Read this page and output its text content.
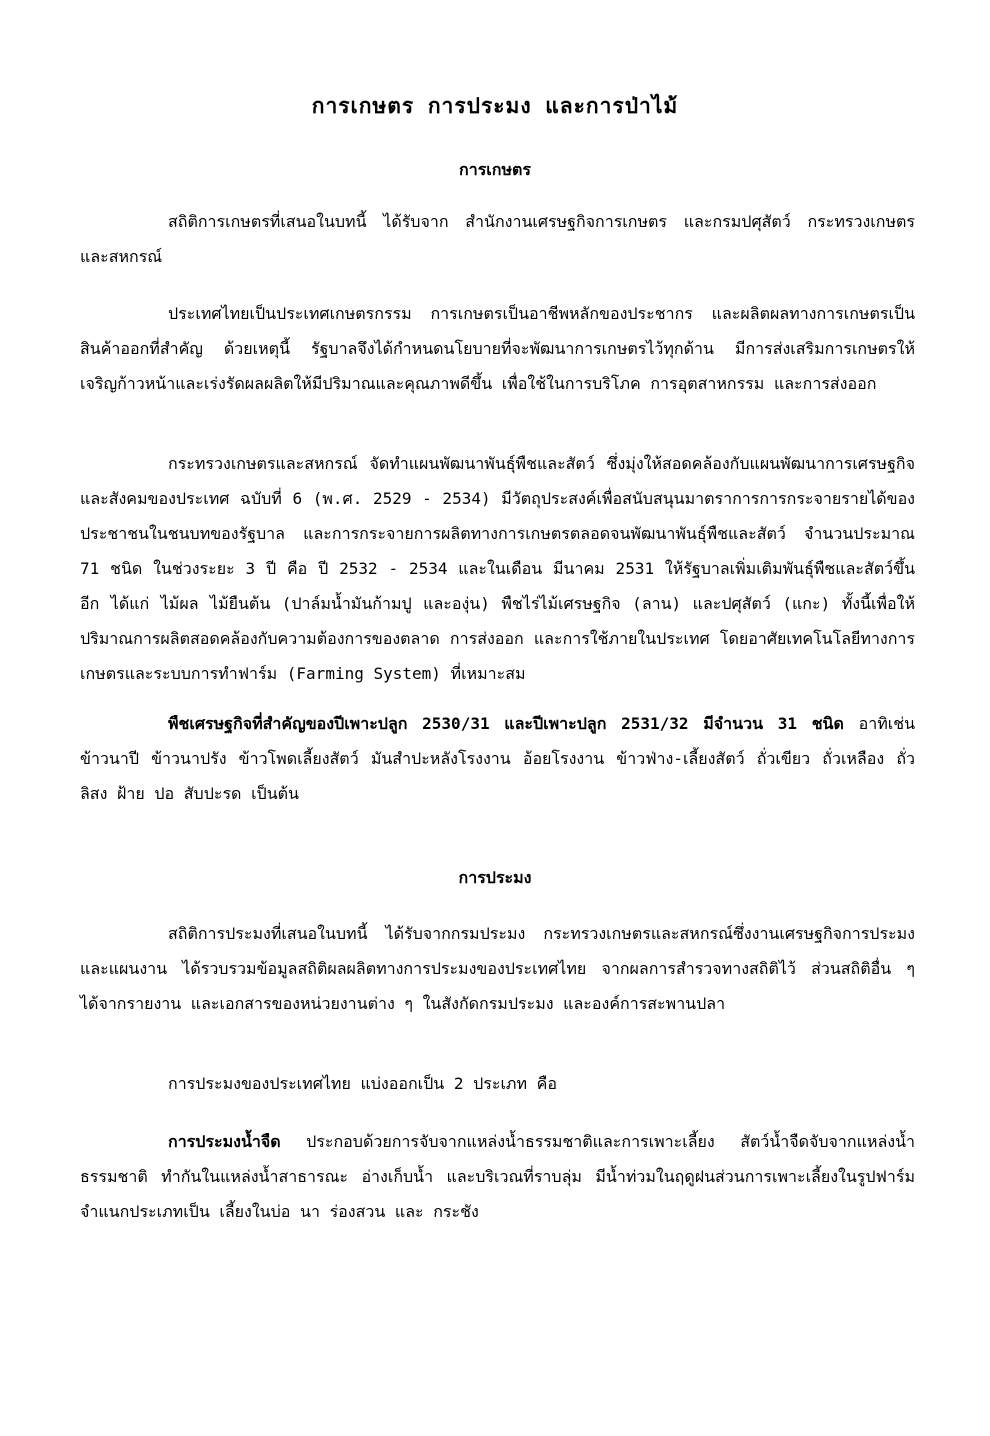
การเกษตร การประมง และการป่าไม้
การเกษตร

สถิติการเกษตรที่เสนอในบทนี้ ได้รับจาก สำนักงานเศรษฐกิจการเกษตร และกรมปศุสัตว์ กระทรวงเกษตรและสหกรณ์

ประเทศไทยเป็นประเทศเกษตรกรรม การเกษตรเป็นอาชีพหลักของประชากร และผลิตผลทางการเกษตรเป็นสินค้าออกที่สำคัญ ด้วยเหตุนี้ รัฐบาลจึงได้กำหนดนโยบายที่จะพัฒนาการเกษตรไว้ทุกด้าน มีการส่งเสริมการเกษตรให้เจริญก้าวหน้าและเร่งรัดผลผลิตให้มีปริมาณและคุณภาพดีขึ้น เพื่อใช้ในการบริโภค การอุตสาหกรรม และการส่งออก

กระทรวงเกษตรและสหกรณ์ จัดทำแผนพัฒนาพันธุ์พืชและสัตว์ ซึ่งมุ่งให้สอดคล้องกับแผนพัฒนาการเศรษฐกิจและสังคมของประเทศ ฉบับที่ 6 (พ.ศ. 2529 - 2534) มีวัตถุประสงค์เพื่อสนับสนุนมาตราการการกระจายรายได้ของประชาชนในชนบทของรัฐบาล และการกระจายการผลิตทางการเกษตรตลอดจนพัฒนาพันธุ์พืชและสัตว์ จำนวนประมาณ 71 ชนิด ในช่วงระยะ 3 ปี คือ ปี 2532 - 2534 และในเดือน มีนาคม 2531 ให้รัฐบาลเพิ่มเติมพันธุ์พืชและสัตว์ขึ้นอีก ได้แก่ ไม้ผล ไม้ยืนต้น (ปาล์มน้ำมันก้ามปู และองุ่น) พืชไร่ไม้เศรษฐกิจ (ลาน) และปศุสัตว์ (แกะ) ทั้งนี้เพื่อให้ปริมาณการผลิตสอดคล้องกับความต้องการของตลาด การส่งออก และการใช้ภายในประเทศ โดยอาศัยเทคโนโลยีทางการเกษตรและระบบการทำฟาร์ม (Farming System) ที่เหมาะสม

พืชเศรษฐกิจที่สำคัญของปีเพาะปลูก 2530/31 และปีเพาะปลูก 2531/32 มีจำนวน 31 ชนิด อาทิเช่น ข้าวนาปี ข้าวนาปรัง ข้าวโพดเลี้ยงสัตว์ มันสำปะหลังโรงงาน อ้อยโรงงาน ข้าวฟ่าง-เลี้ยงสัตว์ ถั่วเขียว ถั่วเหลือง ถั่วลิสง ฝ้าย ปอ สับปะรด เป็นต้น

การประมง

สถิติการประมงที่เสนอในบทนี้ ได้รับจากกรมประมง กระทรวงเกษตรและสหกรณ์ซึ่งงานเศรษฐกิจการประมงและแผนงาน ได้รวบรวมข้อมูลสถิติผลผลิตทางการประมงของประเทศไทย จากผลการสำรวจทางสถิติไว้ ส่วนสถิติอื่น ๆ ได้จากรายงาน และเอกสารของหน่วยงานต่าง ๆ ในสังกัดกรมประมง และองค์การสะพานปลา

การประมงของประเทศไทย แบ่งออกเป็น 2 ประเภท คือ

การประมงน้ำจืด ประกอบด้วยการจับจากแหล่งน้ำธรรมชาติและการเพาะเลี้ยง สัตว์น้ำจืดจับจากแหล่งน้ำธรรมชาติ ทำกันในแหล่งน้ำสาธารณะ อ่างเก็บน้ำ และบริเวณที่ราบลุ่ม มีน้ำท่วมในฤดูฝนส่วนการเพาะเลี้ยงในรูปฟาร์ม จำแนกประเภทเป็น เลี้ยงในบ่อ นา ร่องสวน และ กระชัง
